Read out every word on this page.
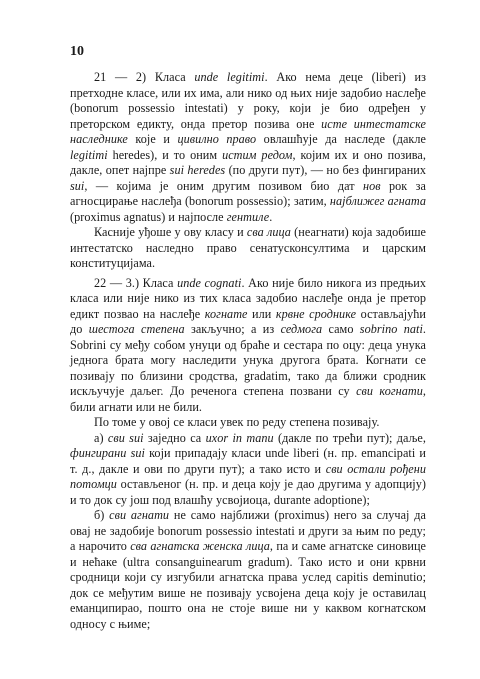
10

21 — 2) Класа unde legitimi. Ако нема деце (liberi) из претходне класе, или их има, али нико од њих није задобио наслеђе (bonorum possessio intestati) у року, који је био одређен у преторском едикту, онда претор позива оне исте интестатске наследнике које и цивилно право овлашћује да наследе (дакле legitimi heredes), и то оним истим редом, којим их и оно позива, дакле, опет најпре sui heredes (по други пут), — но без фингираних sui, — којима је оним другим позивом био дат нов рок за агносцирање наслеђа (bonorum possessio); затим, најближег агната (proximus agnatus) и најпосле гентиле.

Касније уђоше у ову класу и сва лица (неагнати) која задобише интестатско наследно право сенатусконсултима и царским конституцијама.

22 — 3.) Класа unde cognati. Ако није било никога из предњих класа или није нико из тих класа задобио наслеђе онда је претор едикт позвао на наслеђе когнате или крвне сроднике остављајући до шестога степена закључно; а из седмога само sobrino nati. Sobrini су међу собом унуци од браће и сестара по оцу: деца унука једнога брата могу наследити унука другога брата. Когнати се позивају по близини сродства, gradatim, тако да ближи сродник искључује даљег. До реченога степена позвани су сви когнати, били агнати или не били.

По томе у овој се класи увек по реду степена позивају.

а) сви sui заједно са uxor in manu (дакле по трећи пут); даље, фингирани sui који припадају класи unde liberi (н. пр. emancipati и т. д., дакле и ови по други пут); а тако исто и сви остали рођени потомци остављеног (н. пр. и деца коју је дао другима у адопцију) и то док су још под влашћу усвојиоца, durante adoptione);

б) сви агнати не само најближи (proximus) него за случај да овај не задобије bonorum possessio intestati и други за њим по реду; а нарочито сва агнатска женска лица, па и саме агнатске синовице и нећаке (ultra consanguinearum gradum). Тако исто и они крвни сродници који су изгубили агнатска права услед capitis deminutio; док се међутим више не позивају усвојена деца коју је оставилац еманципирао, пошто она не стоје више ни у каквом когнатском односу с њиме;
